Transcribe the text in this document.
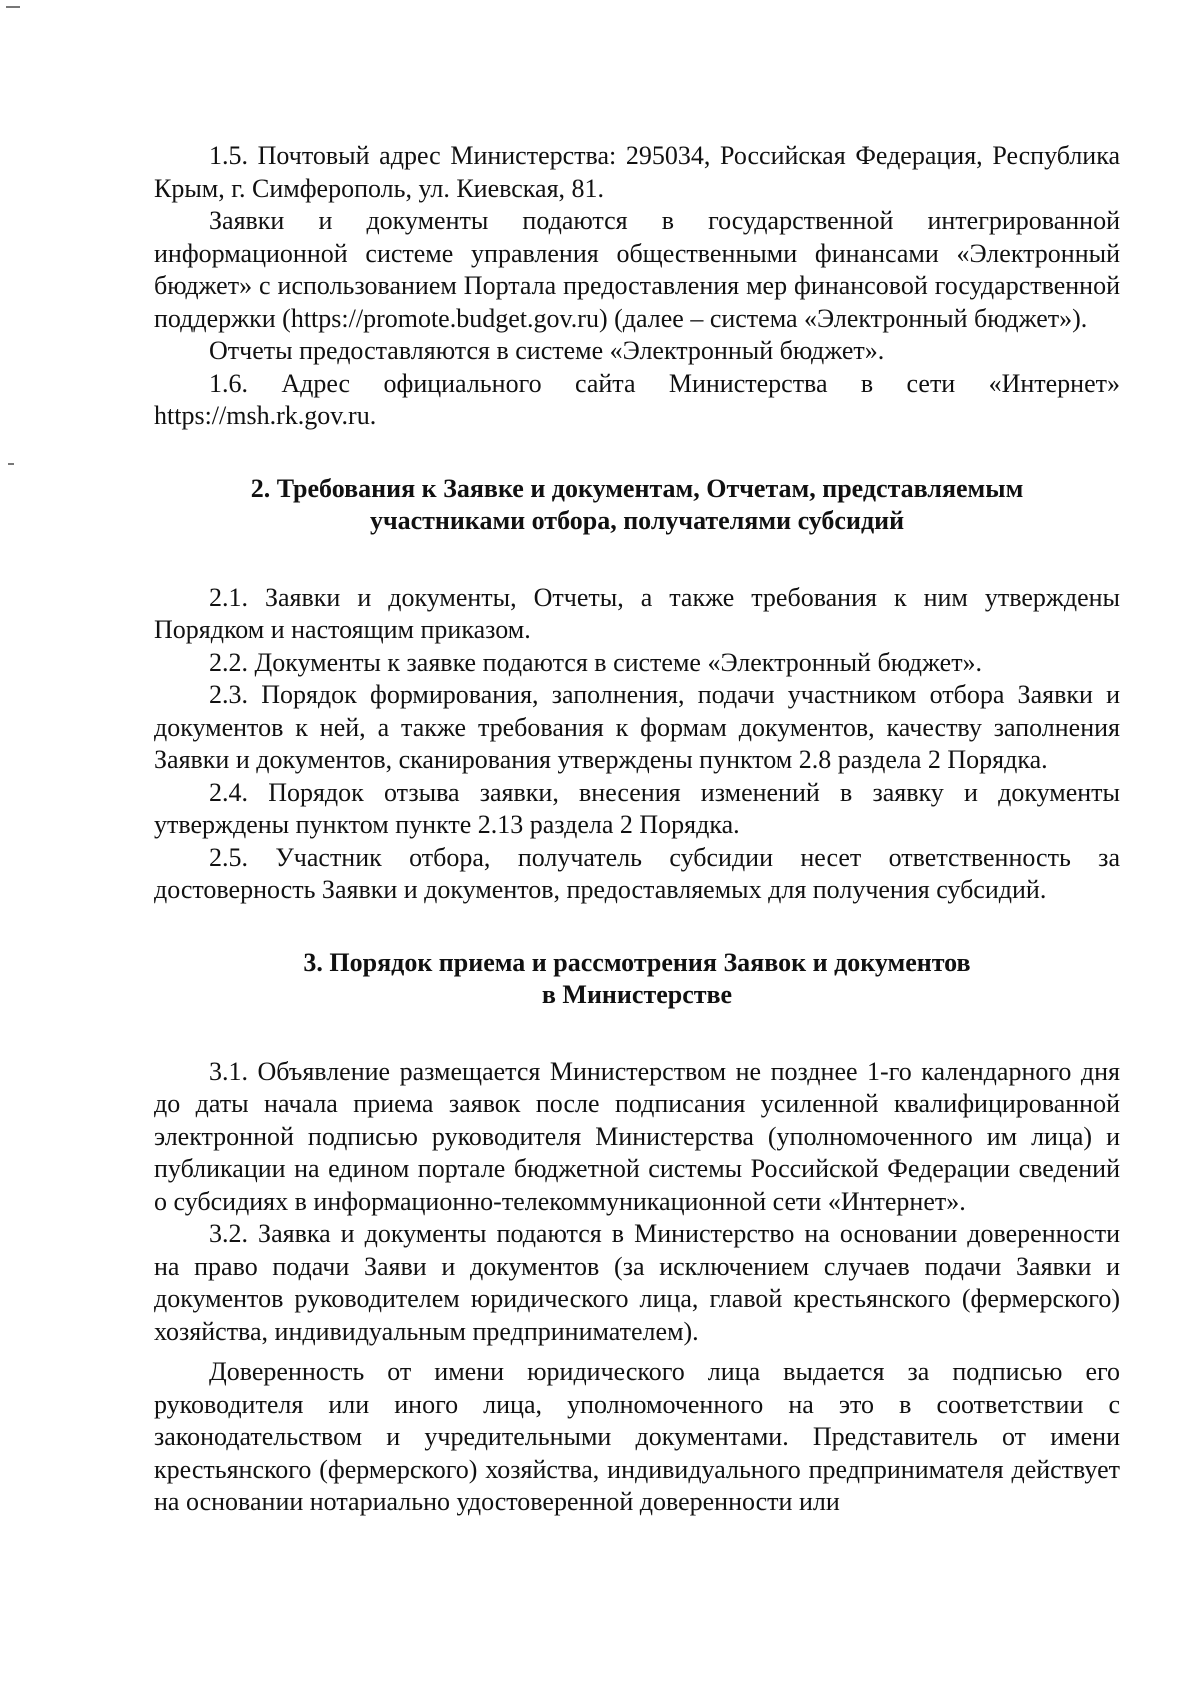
1.5. Почтовый адрес Министерства: 295034, Российская Федерация, Республика Крым, г. Симферополь, ул. Киевская, 81.

Заявки и документы подаются в государственной интегрированной информационной системе управления общественными финансами «Электронный бюджет» с использованием Портала предоставления мер финансовой государственной поддержки (https://promote.budget.gov.ru) (далее – система «Электронный бюджет»).

Отчеты предоставляются в системе «Электронный бюджет».

1.6. Адрес официального сайта Министерства в сети «Интернет» https://msh.rk.gov.ru.

2. Требования к Заявке и документам, Отчетам, представляемым
участниками отбора, получателями субсидий

2.1. Заявки и документы, Отчеты, а также требования к ним утверждены Порядком и настоящим приказом.

2.2. Документы к заявке подаются в системе «Электронный бюджет».

2.3. Порядок формирования, заполнения, подачи участником отбора Заявки и документов к ней, а также требования к формам документов, качеству заполнения Заявки и документов, сканирования утверждены пунктом 2.8 раздела 2 Порядка.

2.4. Порядок отзыва заявки, внесения изменений в заявку и документы утверждены пунктом пункте 2.13 раздела 2 Порядка.

2.5. Участник отбора, получатель субсидии несет ответственность за достоверность Заявки и документов, предоставляемых для получения субсидий.

3. Порядок приема и рассмотрения Заявок и документов
в Министерстве

3.1. Объявление размещается Министерством не позднее 1-го календарного дня до даты начала приема заявок после подписания усиленной квалифицированной электронной подписью руководителя Министерства (уполномоченного им лица) и публикации на едином портале бюджетной системы Российской Федерации сведений о субсидиях в информационно-телекоммуникационной сети «Интернет».

3.2. Заявка и документы подаются в Министерство на основании доверенности на право подачи Заяви и документов (за исключением случаев подачи Заявки и документов руководителем юридического лица, главой крестьянского (фермерского) хозяйства, индивидуальным предпринимателем).

Доверенность от имени юридического лица выдается за подписью его руководителя или иного лица, уполномоченного на это в соответствии с законодательством и учредительными документами. Представитель от имени крестьянского (фермерского) хозяйства, индивидуального предпринимателя действует на основании нотариально удостоверенной доверенности или
